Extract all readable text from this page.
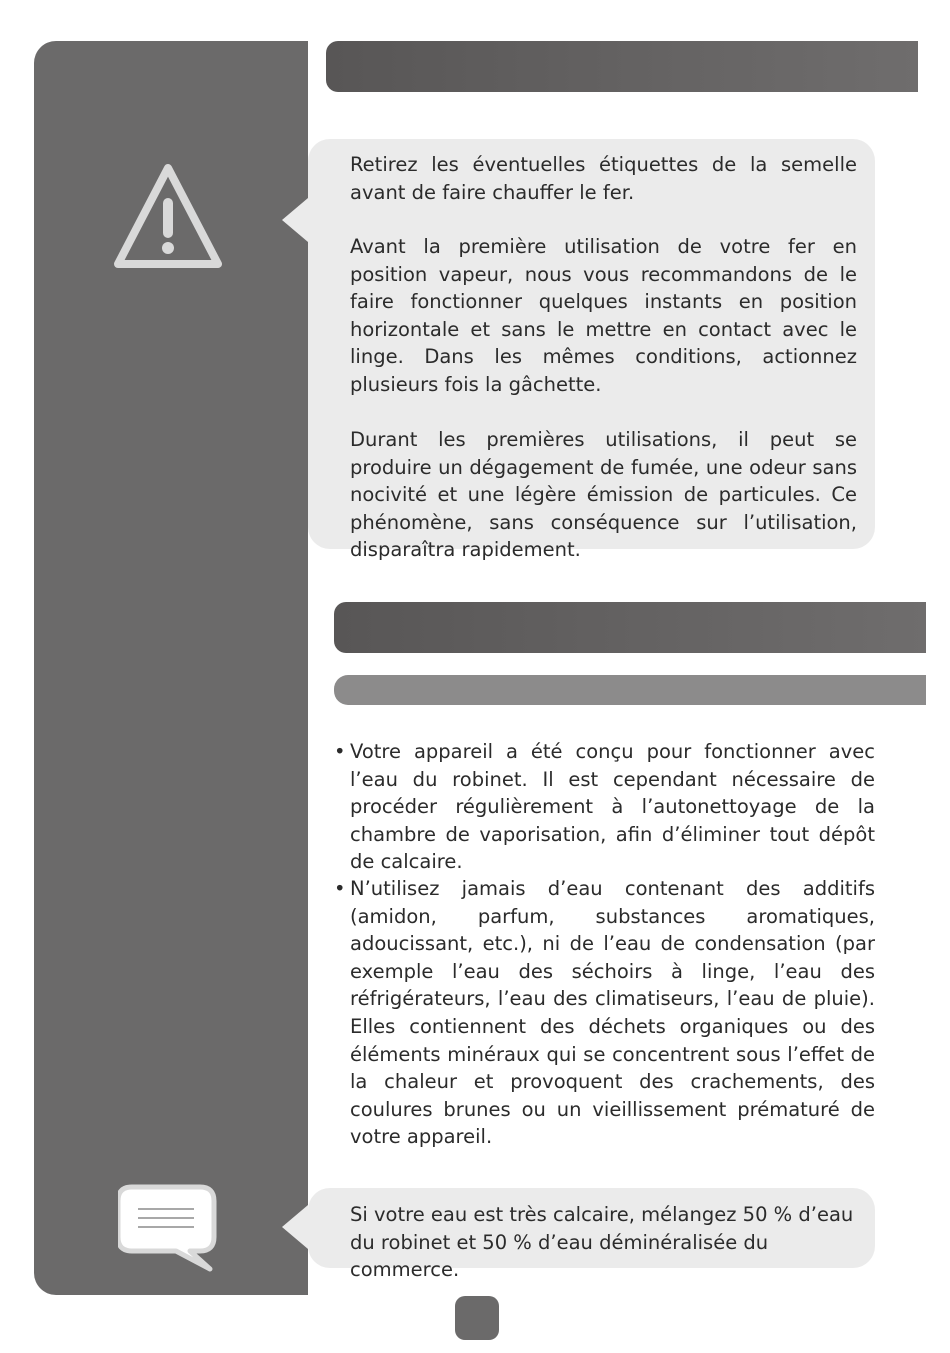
Retirez les éventuelles étiquettes de la semelle avant de faire chauffer le fer.

Avant la première utilisation de votre fer en position vapeur, nous vous recommandons de le faire fonctionner quelques instants en position horizontale et sans le mettre en contact avec le linge. Dans les mêmes conditions, actionnez plusieurs fois la gâchette.

Durant les premières utilisations, il peut se produire un dégagement de fumée, une odeur sans nocivité et une légère émission de particules. Ce phénomène, sans conséquence sur l’utilisation, disparaîtra rapidement.

• Votre appareil a été conçu pour fonctionner avec l’eau du robinet. Il est cependant nécessaire de procéder régulièrement à l’autonettoyage de la chambre de vaporisation, afin d’éliminer tout dépôt de calcaire.

• N’utilisez jamais d’eau contenant des additifs (amidon, parfum, substances aromatiques, adoucissant, etc.), ni de l’eau de condensation (par exemple l’eau des séchoirs à linge, l’eau des réfrigérateurs, l’eau des climatiseurs, l’eau de pluie). Elles contiennent des déchets organiques ou des éléments minéraux qui se concentrent sous l’effet de la chaleur et provoquent des crachements, des coulures brunes ou un vieillissement prématuré de votre appareil.

Si votre eau est très calcaire, mélangez 50 % d’eau du robinet et 50 % d’eau déminéralisée du commerce.
